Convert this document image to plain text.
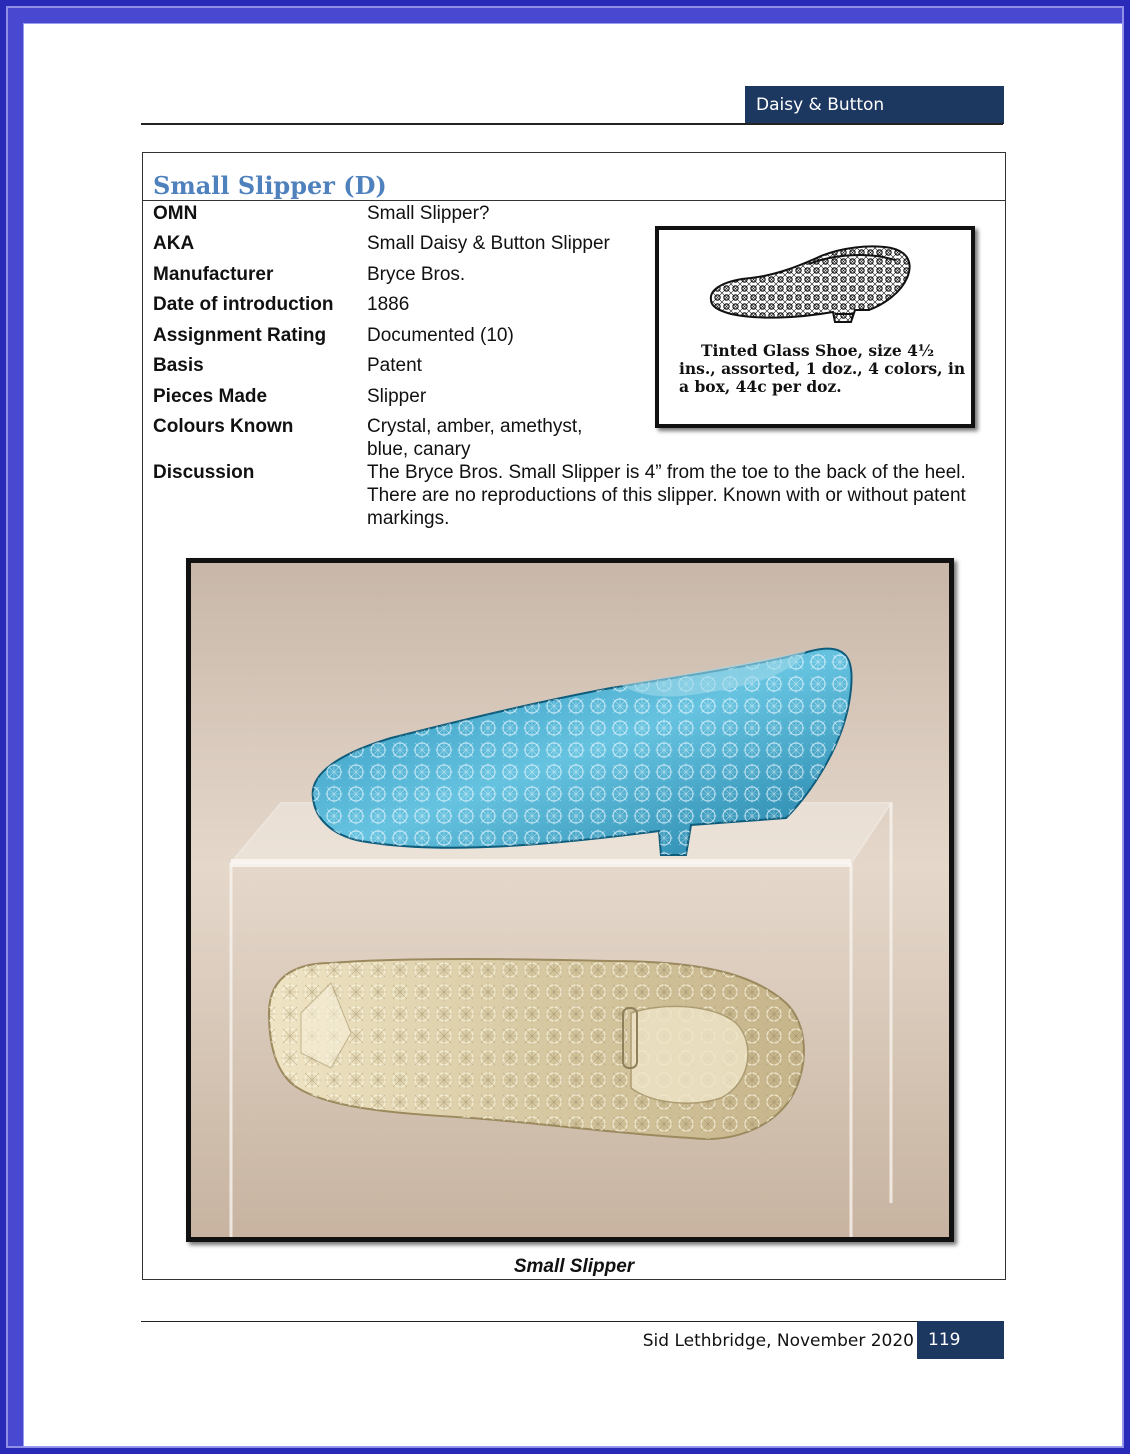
Daisy & Button
Small Slipper (D)
OMN	Small Slipper?
AKA	Small Daisy & Button Slipper
Manufacturer	Bryce Bros.
Date of introduction 1886
Assignment Rating Documented (10)
Basis	Patent
Pieces Made	Slipper
Colours Known	Crystal, amber, amethyst,
blue, canary
Discussion	The Bryce Bros. Small Slipper is 4” from the toe to the back of the heel.
There are no reproductions of this slipper. Known with or without patent
markings.
Tinted Glass Shoe, size 4½
ins., assorted, 1 doz., 4 colors, in
a box, 44c per doz.
Small Slipper
Sid Lethbridge, November 2020 119
